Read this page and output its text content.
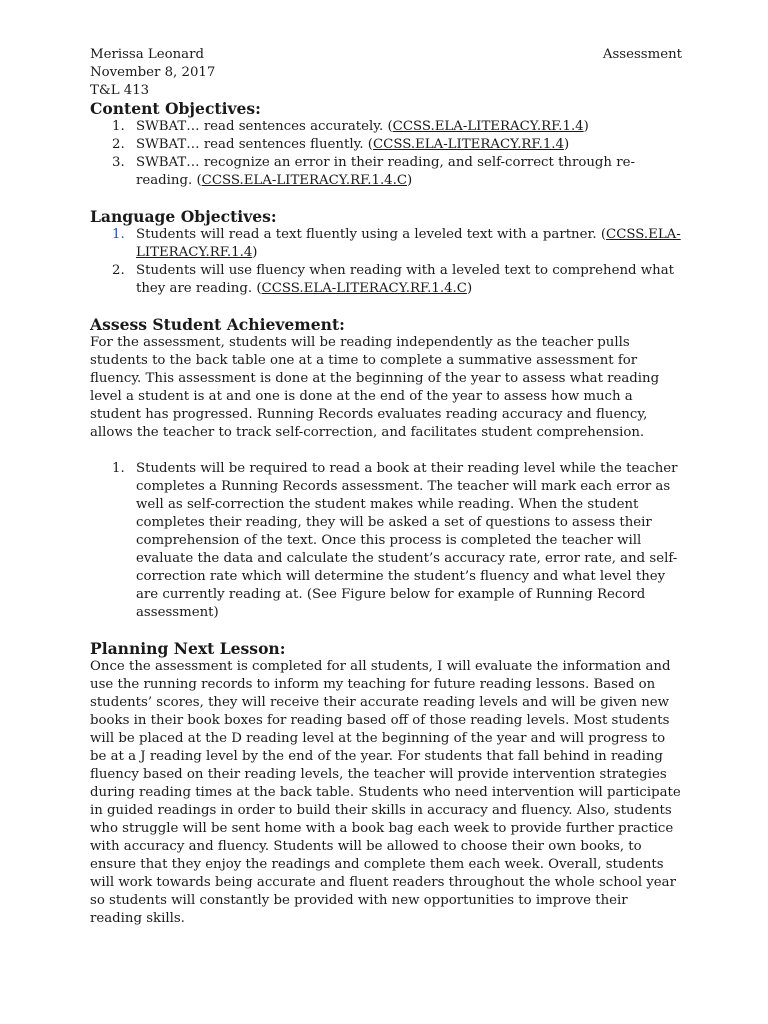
Merissa Leonard	Assessment
November 8, 2017
T&L 413
Content Objectives:
1. SWBAT… read sentences accurately. (CCSS.ELA-LITERACY.RF.1.4)
2. SWBAT… read sentences fluently. (CCSS.ELA-LITERACY.RF.1.4)
3. SWBAT… recognize an error in their reading, and self-correct through re-reading. (CCSS.ELA-LITERACY.RF.1.4.C)
Language Objectives:
1. Students will read a text fluently using a leveled text with a partner. (CCSS.ELA-LITERACY.RF.1.4)
2. Students will use fluency when reading with a leveled text to comprehend what they are reading. (CCSS.ELA-LITERACY.RF.1.4.C)
Assess Student Achievement:

For the assessment, students will be reading independently as the teacher pulls students to the back table one at a time to complete a summative assessment for fluency. This assessment is done at the beginning of the year to assess what reading level a student is at and one is done at the end of the year to assess how much a student has progressed. Running Records evaluates reading accuracy and fluency, allows the teacher to track self-correction, and facilitates student comprehension.

1. Students will be required to read a book at their reading level while the teacher completes a Running Records assessment. The teacher will mark each error as well as self-correction the student makes while reading. When the student completes their reading, they will be asked a set of questions to assess their comprehension of the text. Once this process is completed the teacher will evaluate the data and calculate the student’s accuracy rate, error rate, and self-correction rate which will determine the student’s fluency and what level they are currently reading at. (See Figure below for example of Running Record assessment)
Planning Next Lesson:

Once the assessment is completed for all students, I will evaluate the information and use the running records to inform my teaching for future reading lessons. Based on students’ scores, they will receive their accurate reading levels and will be given new books in their book boxes for reading based off of those reading levels. Most students will be placed at the D reading level at the beginning of the year and will progress to be at a J reading level by the end of the year. For students that fall behind in reading fluency based on their reading levels, the teacher will provide intervention strategies during reading times at the back table. Students who need intervention will participate in guided readings in order to build their skills in accuracy and fluency. Also, students who struggle will be sent home with a book bag each week to provide further practice with accuracy and fluency. Students will be allowed to choose their own books, to ensure that they enjoy the readings and complete them each week. Overall, students will work towards being accurate and fluent readers throughout the whole school year so students will constantly be provided with new opportunities to improve their reading skills.
